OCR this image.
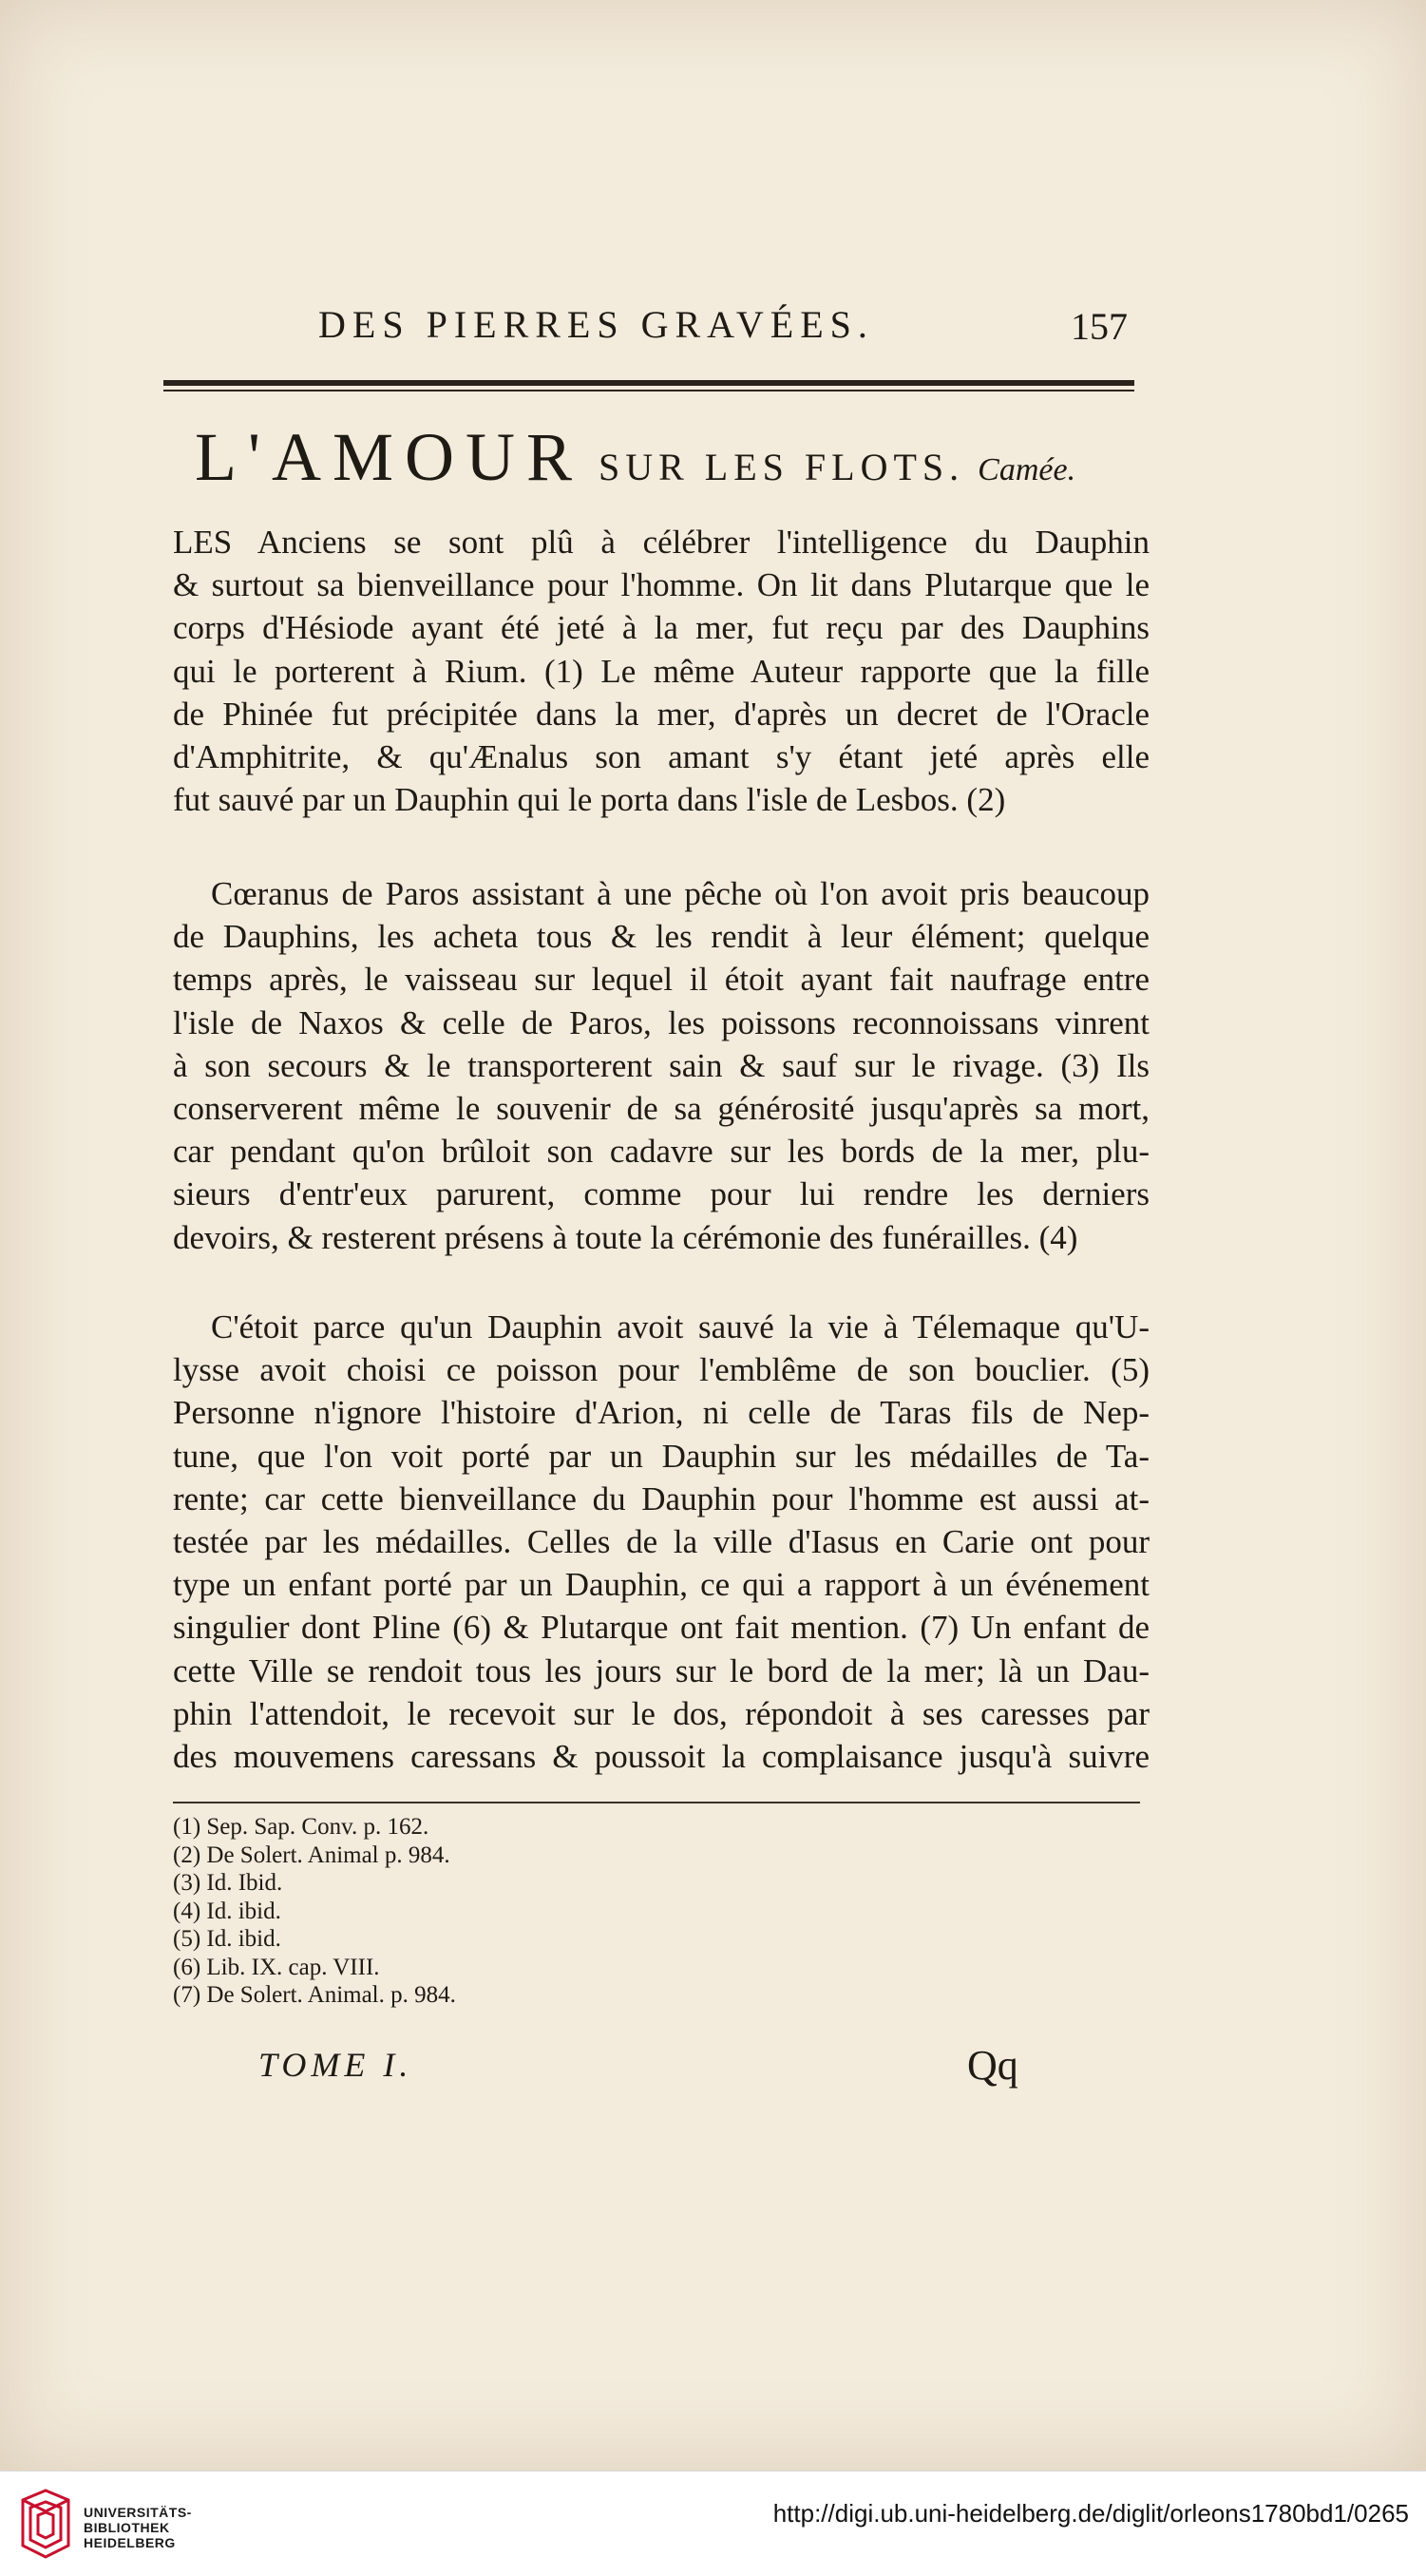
DES PIERRES GRAVÉES.	157
L'AMOUR SUR LES FLOTS. Camée.
LES Anciens se sont plû à célébrer l'intelligence du Dauphin
& surtout sa bienveillance pour l'homme. On lit dans Plutarque que le
corps d'Hésiode ayant été jeté à la mer, fut reçu par des Dauphins
qui le porterent à Rium. (1) Le même Auteur rapporte que la fille
de Phinée fut précipitée dans la mer, d'après un decret de l'Oracle
d'Amphitrite, & qu'Ænalus son amant s'y étant jeté après elle
fut sauvé par un Dauphin qui le porta dans l'isle de Lesbos. (2)
Cœranus de Paros assistant à une pêche où l'on avoit pris beaucoup
de Dauphins, les acheta tous & les rendit à leur élément; quelque
temps après, le vaisseau sur lequel il étoit ayant fait naufrage entre
l'isle de Naxos & celle de Paros, les poissons reconnoissans vinrent
à son secours & le transporterent sain & sauf sur le rivage. (3) Ils
conserverent même le souvenir de sa générosité jusqu'après sa mort,
car pendant qu'on brûloit son cadavre sur les bords de la mer, plu-
sieurs d'entr'eux parurent, comme pour lui rendre les derniers
devoirs, & resterent présens à toute la cérémonie des funérailles. (4)
C'étoit parce qu'un Dauphin avoit sauvé la vie à Télemaque qu'U-
lysse avoit choisi ce poisson pour l'emblême de son bouclier. (5)
Personne n'ignore l'histoire d'Arion, ni celle de Taras fils de Nep-
tune, que l'on voit porté par un Dauphin sur les médailles de Ta-
rente; car cette bienveillance du Dauphin pour l'homme est aussi at-
testée par les médailles. Celles de la ville d'Iasus en Carie ont pour
type un enfant porté par un Dauphin, ce qui a rapport à un événement
singulier dont Pline (6) & Plutarque ont fait mention. (7) Un enfant de
cette Ville se rendoit tous les jours sur le bord de la mer; là un Dau-
phin l'attendoit, le recevoit sur le dos, répondoit à ses caresses par
des mouvemens caressans & poussoit la complaisance jusqu'à suivre
(1) Sep. Sap. Conv. p. 162.
(2) De Solert. Animal p. 984.
(3) Id. Ibid.
(4) Id. ibid.
(5) Id. ibid.
(6) Lib. IX. cap. VIII.
(7) De Solert. Animal. p. 984.
TOME I.	Qq
UNIVERSITÄTS-
BIBLIOTHEK
HEIDELBERG
http://digi.ub.uni-heidelberg.de/diglit/orleons1780bd1/0265
